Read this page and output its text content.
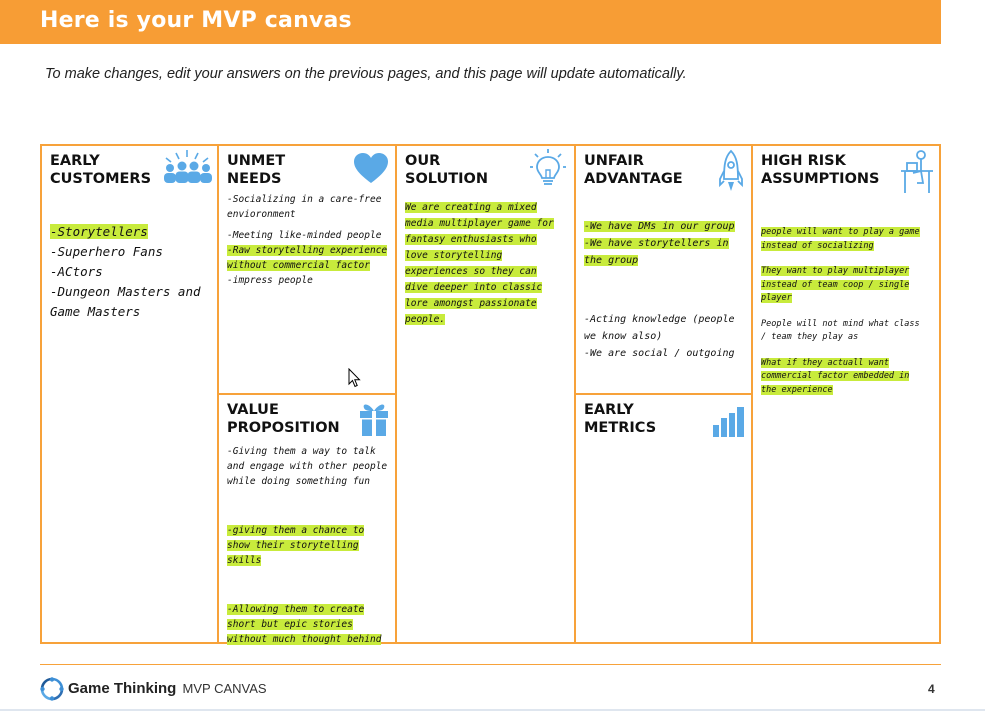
Here is your MVP canvas
To make changes, edit your answers on the previous pages, and this page will update automatically.
EARLY
CUSTOMERS
-Storytellers
-Superhero Fans
-ACtors
-Dungeon Masters and
Game Masters
UNMET
NEEDS
-Socializing in a care-free envioronment
-Meeting like-minded people
-Raw storytelling experience without commercial factor
-impress people
VALUE
PROPOSITION
-Giving them a way to talk and engage with other people while doing something fun
-giving them a chance to show their storytelling skills
-Allowing them to create short but epic stories without much thought behind
OUR
SOLUTION
We are creating a mixed media multiplayer game for fantasy enthusiasts who love storytelling experiences so they can dive deeper into classic lore amongst passionate people.
UNFAIR
ADVANTAGE
-We have DMs in our group
-We have storytellers in the group
-Acting knowledge (people we know also)
-We are social / outgoing
EARLY
METRICS
HIGH RISK
ASSUMPTIONS
people will want to play a game instead of socializing
They want to play multiplayer instead of team coop / single player
People will not mind what class / team they play as
What if they actuall want commercial factor embedded in the experience
Game Thinking MVP CANVAS	4
